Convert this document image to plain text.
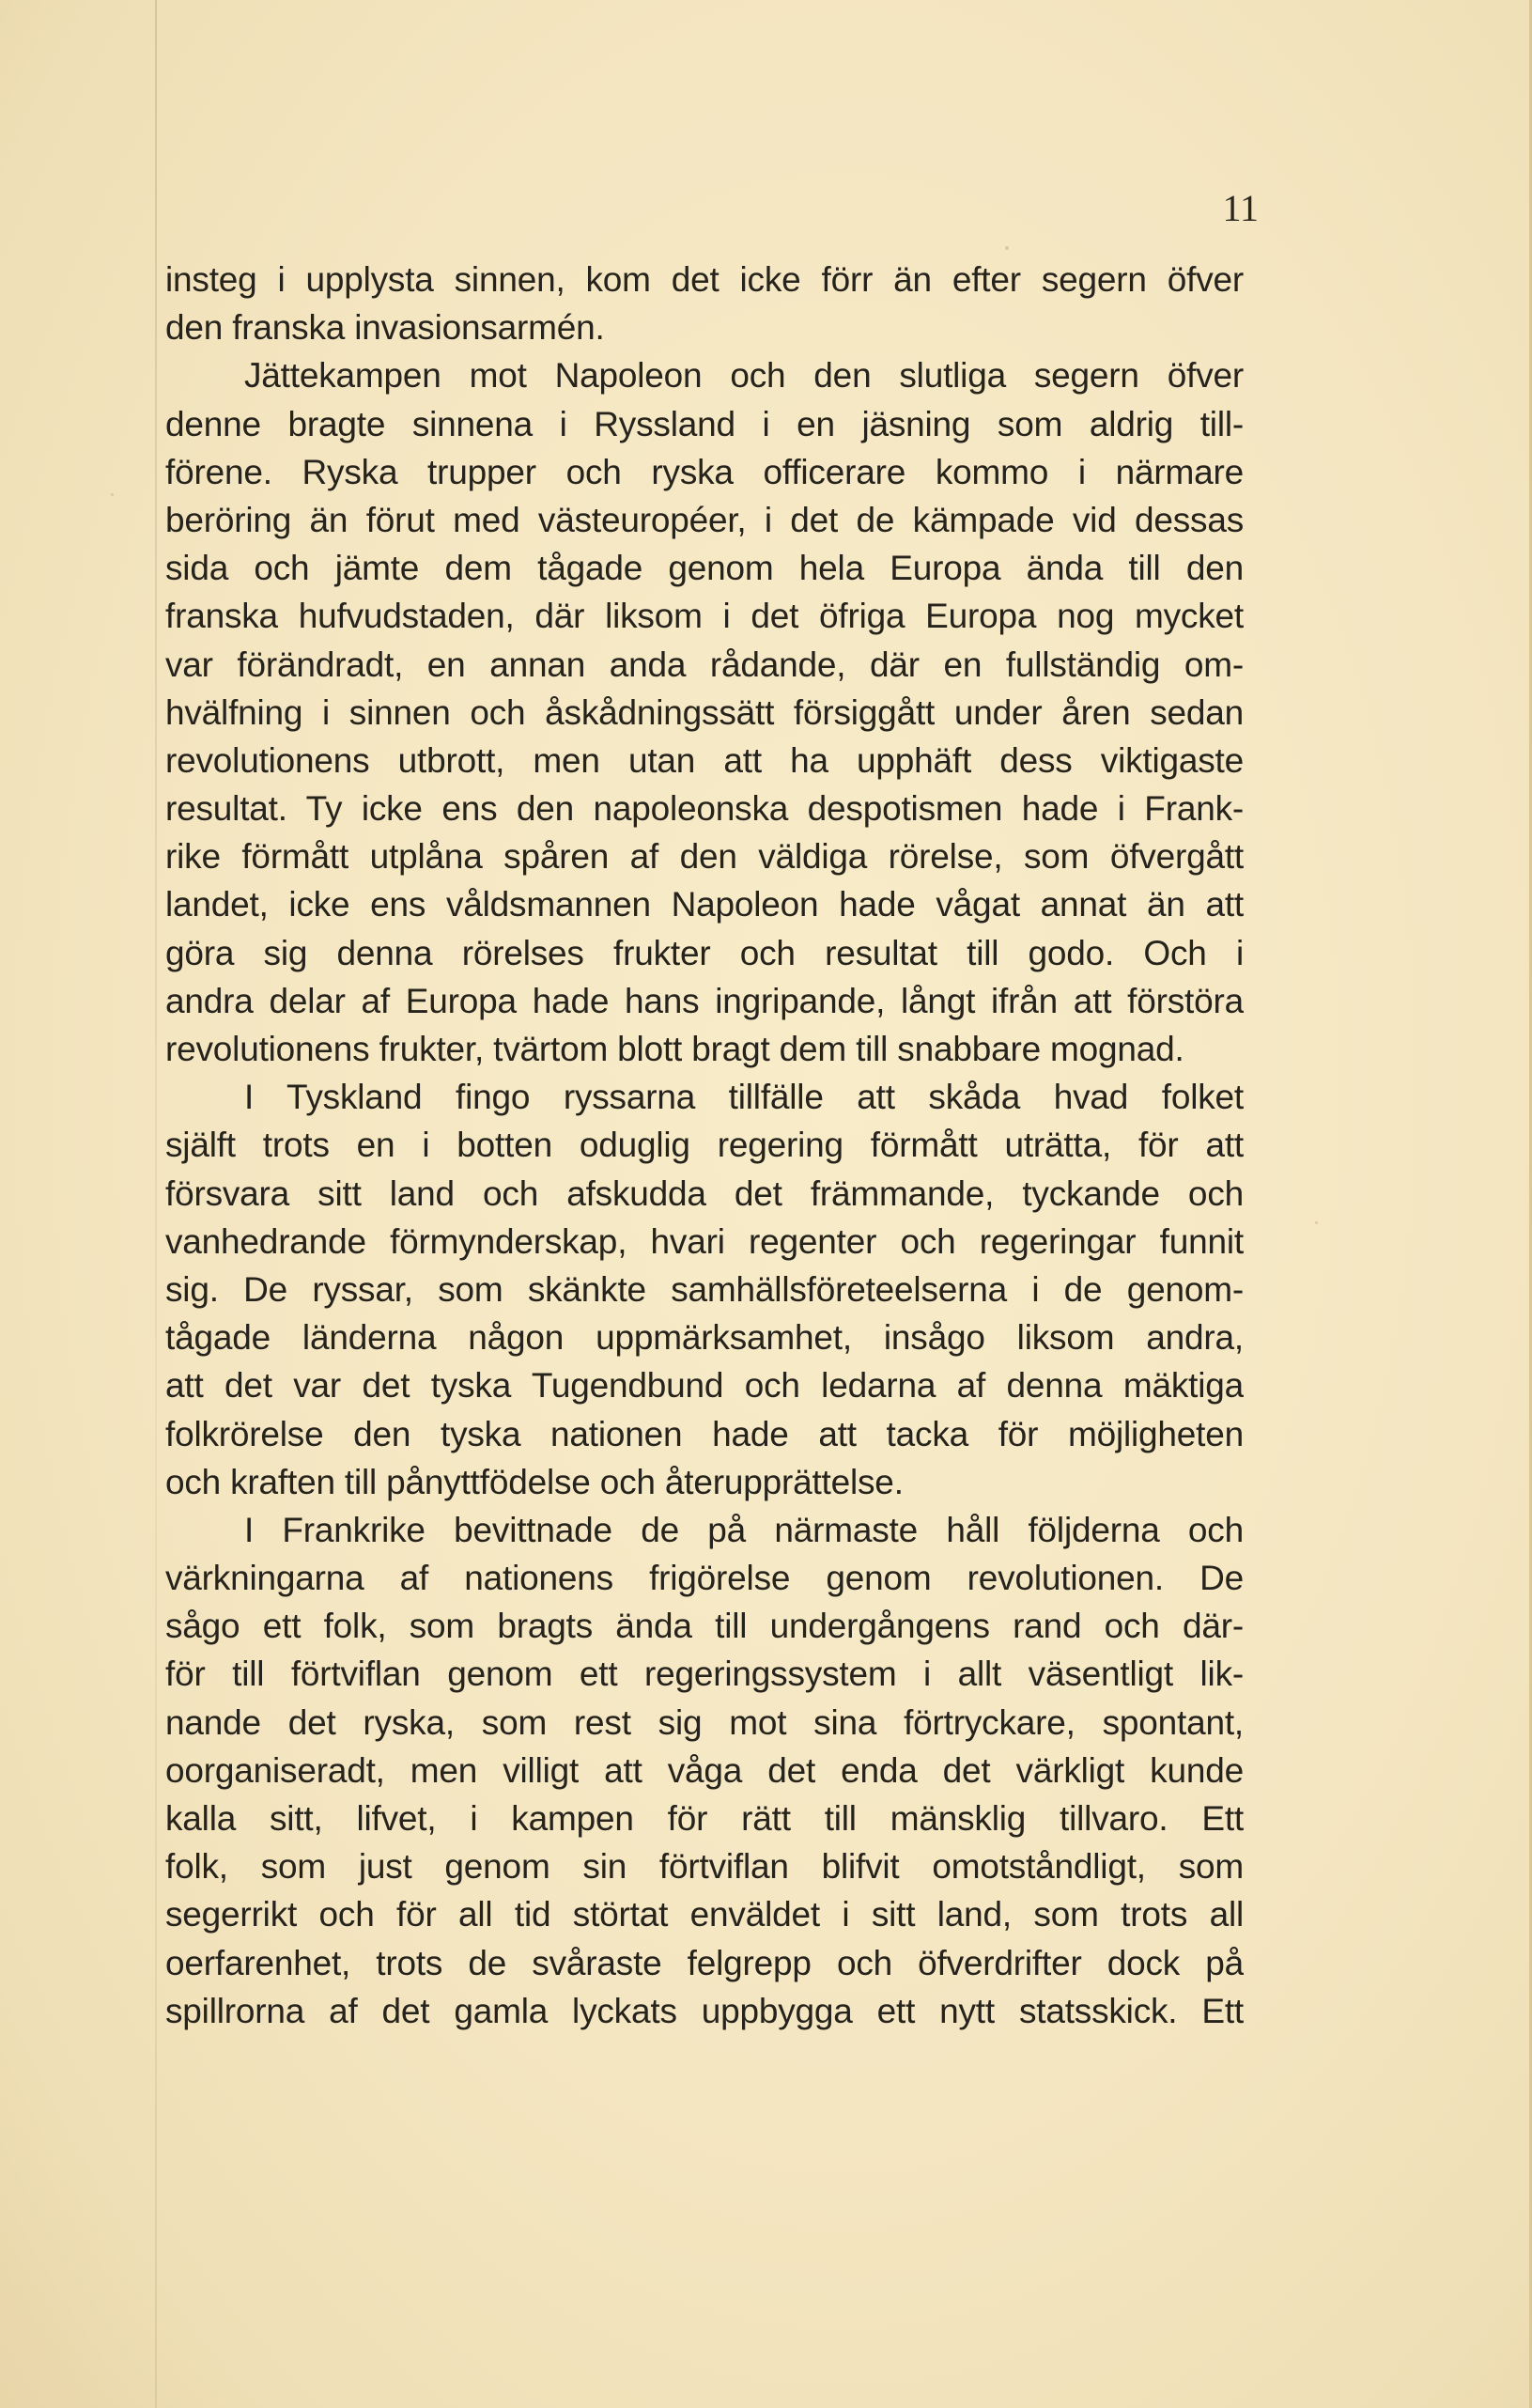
11
insteg i upplysta sinnen, kom det icke förr än efter segern öfver
den franska invasionsarmén.
Jättekampen mot Napoleon och den slutliga segern öfver
denne bragte sinnena i Ryssland i en jäsning som aldrig till-
förene. Ryska trupper och ryska officerare kommo i närmare
beröring än förut med västeuropéer, i det de kämpade vid dessas
sida och jämte dem tågade genom hela Europa ända till den
franska hufvudstaden, där liksom i det öfriga Europa nog mycket
var förändradt, en annan anda rådande, där en fullständig om-
hvälfning i sinnen och åskådningssätt försiggått under åren sedan
revolutionens utbrott, men utan att ha upphäft dess viktigaste
resultat. Ty icke ens den napoleonska despotismen hade i Frank-
rike förmått utplåna spåren af den väldiga rörelse, som öfvergått
landet, icke ens våldsmannen Napoleon hade vågat annat än att
göra sig denna rörelses frukter och resultat till godo. Och i
andra delar af Europa hade hans ingripande, långt ifrån att förstöra
revolutionens frukter, tvärtom blott bragt dem till snabbare mognad.
I Tyskland fingo ryssarna tillfälle att skåda hvad folket
själft trots en i botten oduglig regering förmått uträtta, för att
försvara sitt land och afskudda det främmande, tyckande och
vanhedrande förmynderskap, hvari regenter och regeringar funnit
sig. De ryssar, som skänkte samhällsföreteelserna i de genom-
tågade länderna någon uppmärksamhet, insågo liksom andra,
att det var det tyska Tugendbund och ledarna af denna mäktiga
folkrörelse den tyska nationen hade att tacka för möjligheten
och kraften till pånyttfödelse och återupprättelse.
I Frankrike bevittnade de på närmaste håll följderna och
värkningarna af nationens frigörelse genom revolutionen. De
sågo ett folk, som bragts ända till undergångens rand och där-
för till förtviflan genom ett regeringssystem i allt väsentligt lik-
nande det ryska, som rest sig mot sina förtryckare, spontant,
oorganiseradt, men villigt att våga det enda det värkligt kunde
kalla sitt, lifvet, i kampen för rätt till mänsklig tillvaro. Ett
folk, som just genom sin förtviflan blifvit omotståndligt, som
segerrikt och för all tid störtat enväldet i sitt land, som trots all
oerfarenhet, trots de svåraste felgrepp och öfverdrifter dock på
spillrorna af det gamla lyckats uppbygga ett nytt statsskick. Ett
